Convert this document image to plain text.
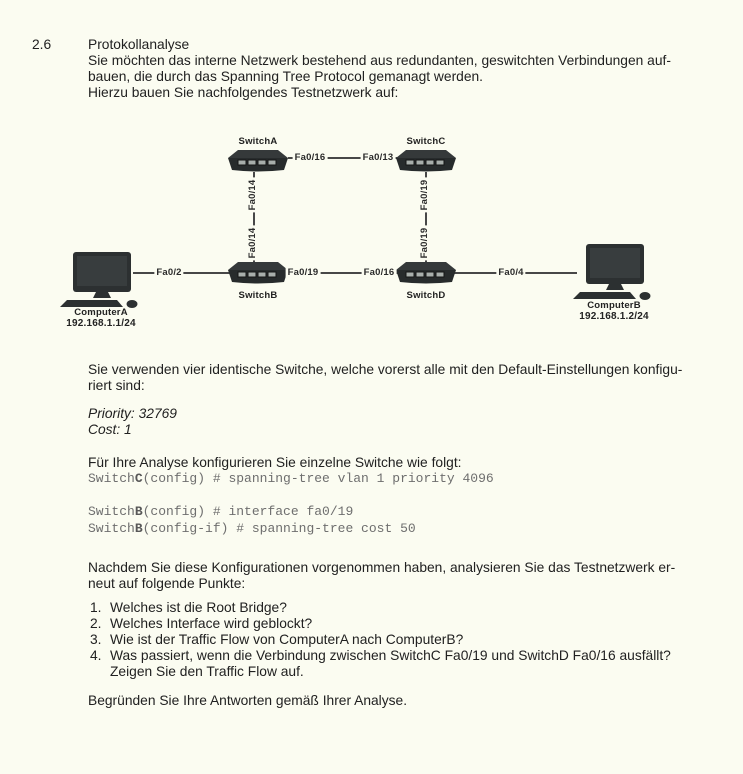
2.6	Protokollanalyse
Sie möchten das interne Netzwerk bestehend aus redundanten, geswitchten Verbindungen auf-
bauen, die durch das Spanning Tree Protocol gemanagt werden.
Hierzu bauen Sie nachfolgendes Testnetzwerk auf:
SwitchA	SwitchC
SwitchB	SwitchD
ComputerA
192.168.1.1/24
ComputerB
192.168.1.2/24
Fa0/16	Fa0/13
Fa0/14
Fa0/14
Fa0/19
Fa0/19
Fa0/2	Fa0/19	Fa0/16	Fa0/4
Sie verwenden vier identische Switche, welche vorerst alle mit den Default-Einstellungen konfigu-
riert sind:
Priority: 32769
Cost: 1
Für Ihre Analyse konfigurieren Sie einzelne Switche wie folgt:
SwitchC(config) # spanning-tree vlan 1 priority 4096
SwitchB(config) # interface fa0/19
SwitchB(config-if) # spanning-tree cost 50
Nachdem Sie diese Konfigurationen vorgenommen haben, analysieren Sie das Testnetzwerk er-
neut auf folgende Punkte:
1. Welches ist die Root Bridge?
2. Welches Interface wird geblockt?
3. Wie ist der Traffic Flow von ComputerA nach ComputerB?
4. Was passiert, wenn die Verbindung zwischen SwitchC Fa0/19 und SwitchD Fa0/16 ausfällt?
Zeigen Sie den Traffic Flow auf.
Begründen Sie Ihre Antworten gemäß Ihrer Analyse.
